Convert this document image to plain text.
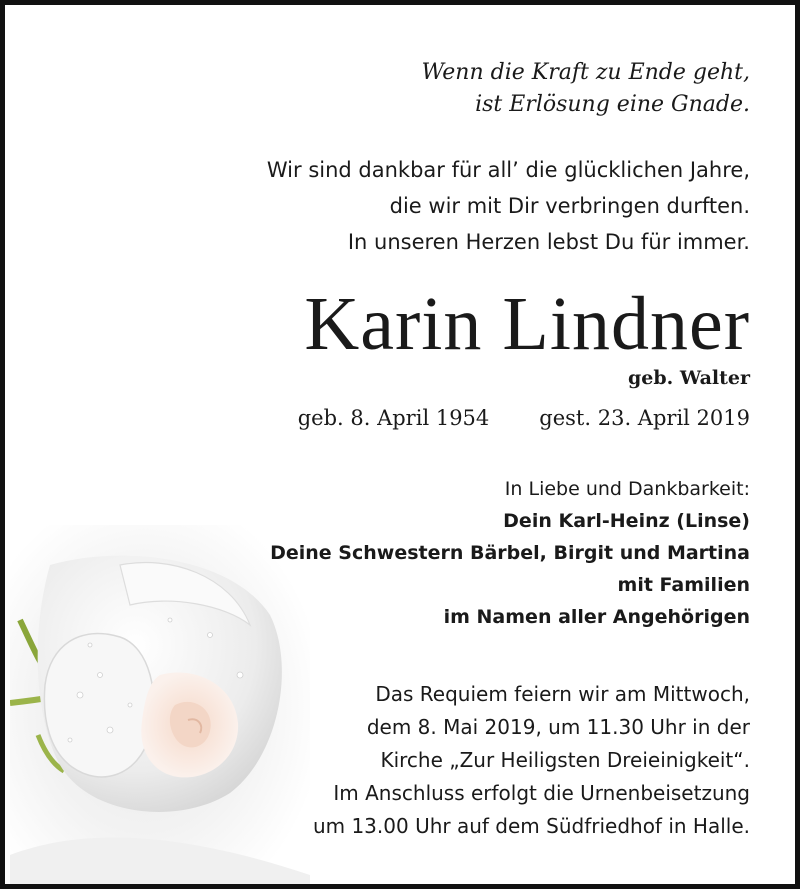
Wenn die Kraft zu Ende geht,
ist Erlösung eine Gnade.
Wir sind dankbar für all’ die glücklichen Jahre,
die wir mit Dir verbringen durften.
In unseren Herzen lebst Du für immer.
Karin Lindner
geb. Walter
geb. 8. April 1954 gest. 23. April 2019
In Liebe und Dankbarkeit:
Dein Karl-Heinz (Linse)
Deine Schwestern Bärbel, Birgit und Martina
mit Familien
im Namen aller Angehörigen
Das Requiem feiern wir am Mittwoch,
dem 8. Mai 2019, um 11.30 Uhr in der
Kirche „Zur Heiligsten Dreieinigkeit“.
Im Anschluss erfolgt die Urnenbeisetzung
um 13.00 Uhr auf dem Südfriedhof in Halle.
